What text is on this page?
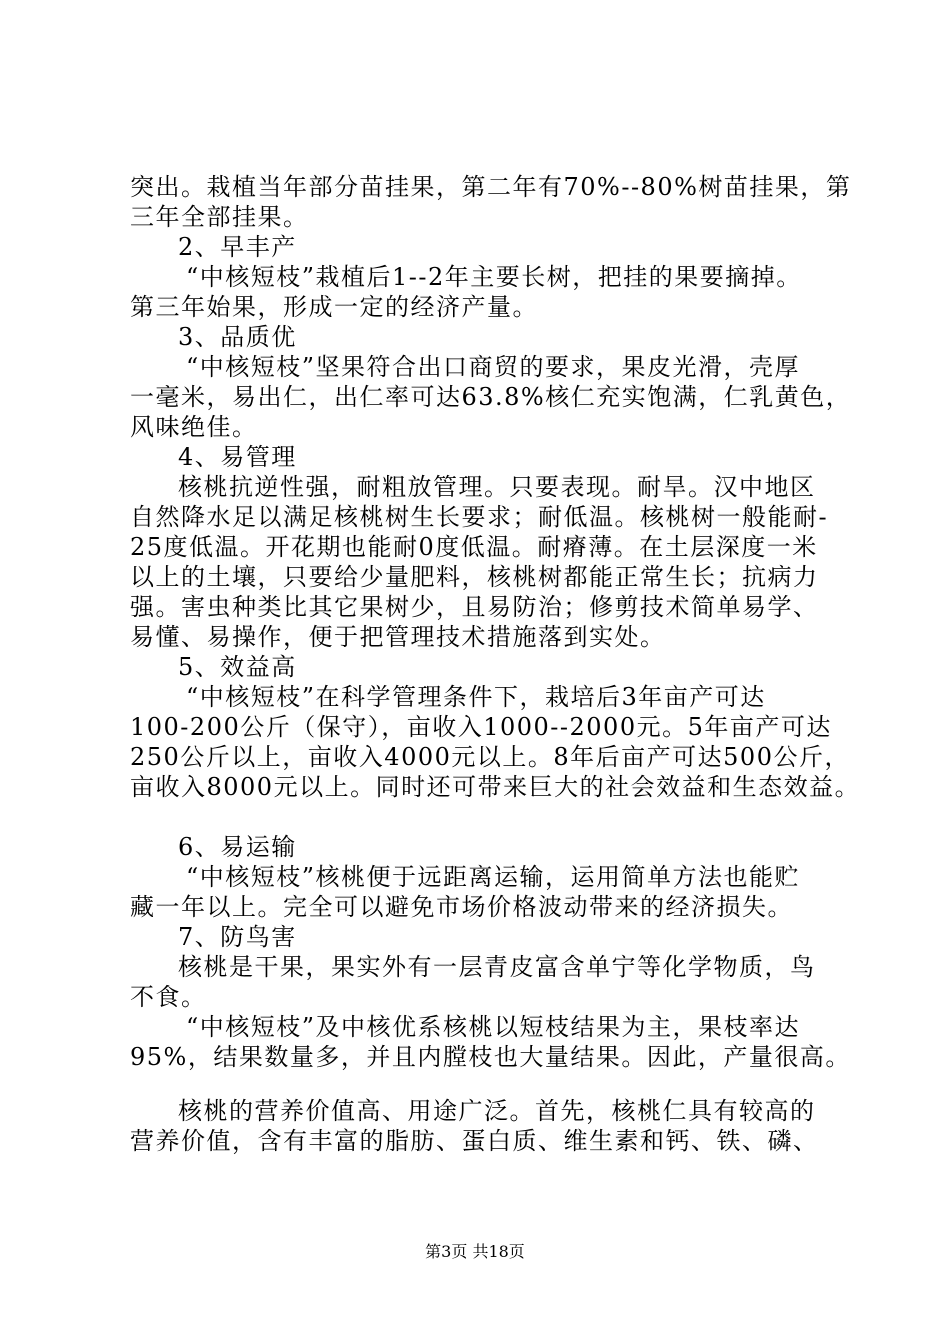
突出。栽植当年部分苗挂果，第二年有70%--80%树苗挂果，第
三年全部挂果。
2、早丰产
“中核短枝”栽植后1--2年主要长树，把挂的果要摘掉。
第三年始果，形成一定的经济产量。
3、品质优
“中核短枝”坚果符合出口商贸的要求，果皮光滑，壳厚
一毫米，易出仁，出仁率可达63.8%核仁充实饱满，仁乳黄色，
风味绝佳。
4、易管理
核桃抗逆性强，耐粗放管理。只要表现。耐旱。汉中地区
自然降水足以满足核桃树生长要求；耐低温。核桃树一般能耐-
25度低温。开花期也能耐0度低温。耐瘠薄。在土层深度一米
以上的土壤，只要给少量肥料，核桃树都能正常生长；抗病力
强。害虫种类比其它果树少，且易防治；修剪技术简单易学、
易懂、易操作，便于把管理技术措施落到实处。
5、效益高
“中核短枝”在科学管理条件下，栽培后3年亩产可达
100-200公斤（保守），亩收入1000--2000元。5年亩产可达
250公斤以上，亩收入4000元以上。8年后亩产可达500公斤，
亩收入8000元以上。同时还可带来巨大的社会效益和生态效益。
6、易运输
“中核短枝”核桃便于远距离运输，运用简单方法也能贮
藏一年以上。完全可以避免市场价格波动带来的经济损失。
7、防鸟害
核桃是干果，果实外有一层青皮富含单宁等化学物质，鸟
不食。
“中核短枝”及中核优系核桃以短枝结果为主，果枝率达
95%，结果数量多，并且内膛枝也大量结果。因此，产量很高。
核桃的营养价值高、用途广泛。首先，核桃仁具有较高的
营养价值，含有丰富的脂肪、蛋白质、维生素和钙、铁、磷、
第3页 共18页
